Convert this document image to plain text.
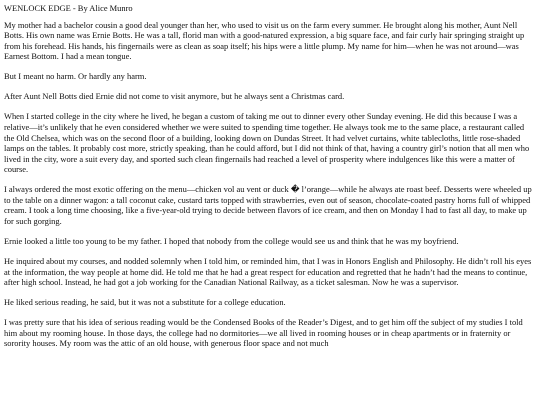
WENLOCK EDGE - By Alice Munro

My mother had a bachelor cousin a good deal younger than her, who used to visit us on the farm every summer. He brought along his mother, Aunt Nell Botts. His own name was Ernie Botts. He was a tall, florid man with a good-natured expression, a big square face, and fair curly hair springing straight up from his forehead. His hands, his fingernails were as clean as soap itself; his hips were a little plump. My name for him—when he was not around—was Earnest Bottom. I had a mean tongue.

But I meant no harm. Or hardly any harm.

After Aunt Nell Botts died Ernie did not come to visit anymore, but he always sent a Christmas card.

When I started college in the city where he lived, he began a custom of taking me out to dinner every other Sunday evening. He did this because I was a relative—it’s unlikely that he even considered whether we were suited to spending time together. He always took me to the same place, a restaurant called the Old Chelsea, which was on the second floor of a building, looking down on Dundas Street. It had velvet curtains, white tablecloths, little rose-shaded lamps on the tables. It probably cost more, strictly speaking, than he could afford, but I did not think of that, having a country girl’s notion that all men who lived in the city, wore a suit every day, and sported such clean fingernails had reached a level of prosperity where indulgences like this were a matter of course.

I always ordered the most exotic offering on the menu—chicken vol au vent or duck � l’orange—while he always ate roast beef. Desserts were wheeled up to the table on a dinner wagon: a tall coconut cake, custard tarts topped with strawberries, even out of season, chocolate-coated pastry horns full of whipped cream. I took a long time choosing, like a five-year-old trying to decide between flavors of ice cream, and then on Monday I had to fast all day, to make up for such gorging.

Ernie looked a little too young to be my father. I hoped that nobody from the college would see us and think that he was my boyfriend.

He inquired about my courses, and nodded solemnly when I told him, or reminded him, that I was in Honors English and Philosophy. He didn’t roll his eyes at the information, the way people at home did. He told me that he had a great respect for education and regretted that he hadn’t had the means to continue, after high school. Instead, he had got a job working for the Canadian National Railway, as a ticket salesman. Now he was a supervisor.

He liked serious reading, he said, but it was not a substitute for a college education.

I was pretty sure that his idea of serious reading would be the Condensed Books of the Reader’s Digest, and to get him off the subject of my studies I told him about my rooming house. In those days, the college had no dormitories—we all lived in rooming houses or in cheap apartments or in fraternity or sorority houses. My room was the attic of an old house, with generous floor space and not much
